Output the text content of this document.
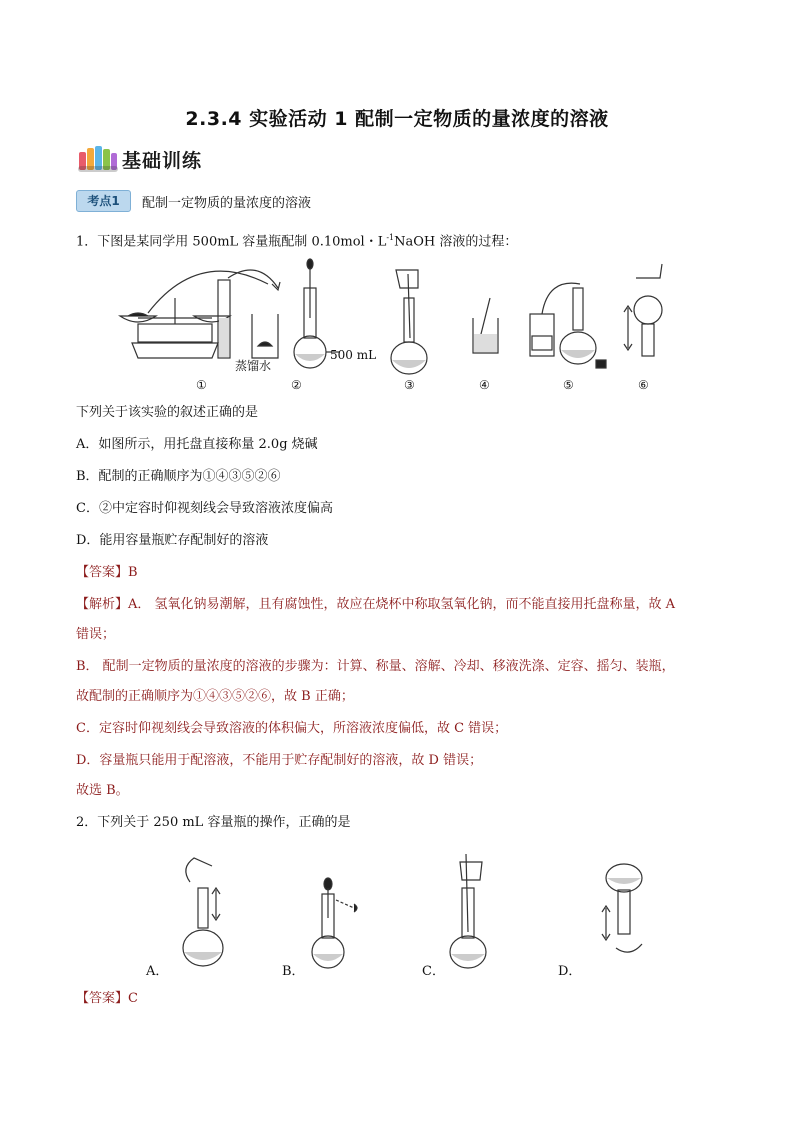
2.3.4 实验活动 1 配制一定物质的量浓度的溶液
基础训练
考点1	配制一定物质的量浓度的溶液
1．下图是某同学用 500mL 容量瓶配制 0.10mol・$L^{-1}NaOH$ 溶液的过程：
蒸馏水
500 mL
①	②	③	④	⑤	⑥
下列关于该实验的叙述正确的是
A．如图所示，用托盘直接称量 2.0g 烧碱
B．配制的正确顺序为①④③⑤②⑥
C．②中定容时仰视刻线会导致溶液浓度偏高
D．能用容量瓶贮存配制好的溶液
【答案】B
【解析】A． 氢氧化钠易潮解，且有腐蚀性，故应在烧杯中称取氢氧化钠，而不能直接用托盘称量，故 A
错误；
B． 配制一定物质的量浓度的溶液的步骤为：计算、称量、溶解、冷却、移液洗涤、定容、摇匀、装瓶，
故配制的正确顺序为①④③⑤②⑥，故 B 正确；
C．定容时仰视刻线会导致溶液的体积偏大，所溶液浓度偏低，故 C 错误；
D．容量瓶只能用于配溶液，不能用于贮存配制好的溶液，故 D 错误；
故选 B。
2．下列关于 250 mL 容量瓶的操作，正确的是
A．	B．	C．	D．
【答案】C
